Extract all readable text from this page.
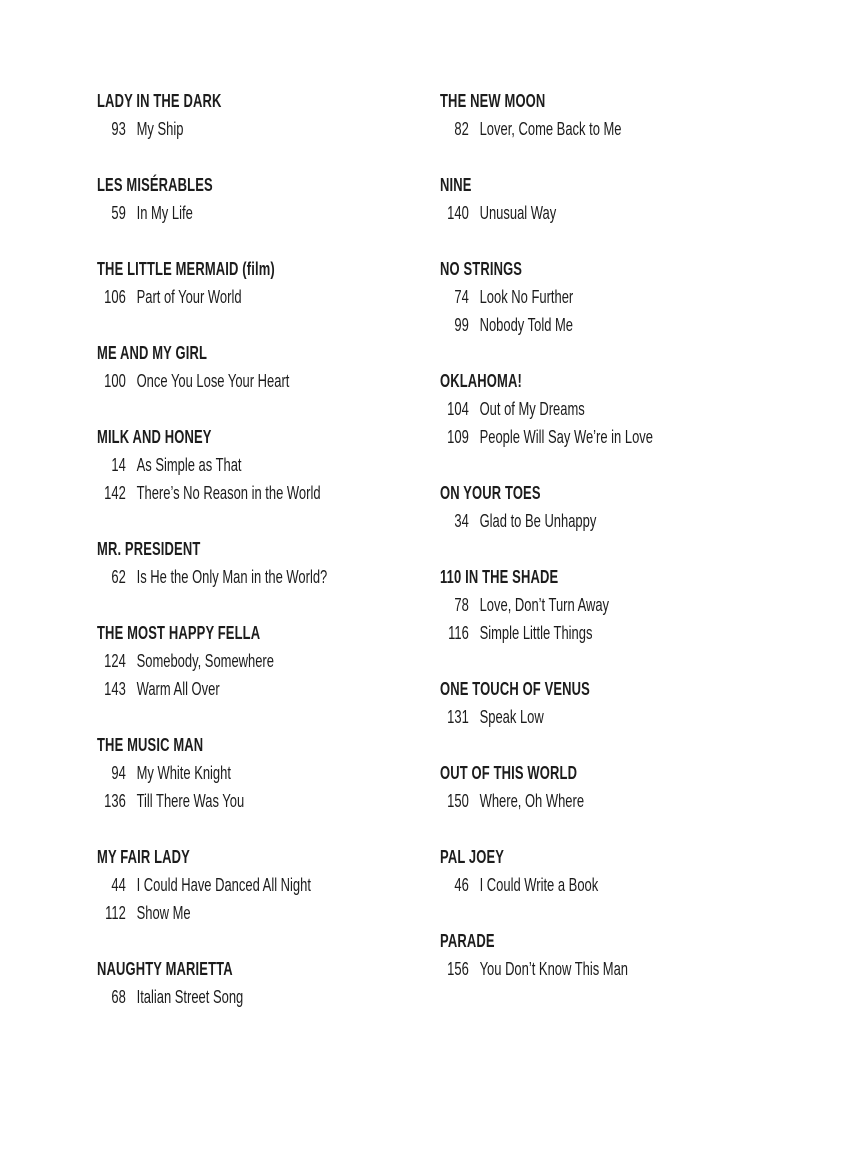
LADY IN THE DARK
93 My Ship
LES MISÉRABLES
59 In My Life
THE LITTLE MERMAID (film)
106 Part of Your World
ME AND MY GIRL
100 Once You Lose Your Heart
MILK AND HONEY
14 As Simple as That
142 There’s No Reason in the World
MR. PRESIDENT
62 Is He the Only Man in the World?
THE MOST HAPPY FELLA
124 Somebody, Somewhere
143 Warm All Over
THE MUSIC MAN
94 My White Knight
136 Till There Was You
MY FAIR LADY
44 I Could Have Danced All Night
112 Show Me
NAUGHTY MARIETTA
68 Italian Street Song
THE NEW MOON
82 Lover, Come Back to Me
NINE
140 Unusual Way
NO STRINGS
74 Look No Further
99 Nobody Told Me
OKLAHOMA!
104 Out of My Dreams
109 People Will Say We’re in Love
ON YOUR TOES
34 Glad to Be Unhappy
110 IN THE SHADE
78 Love, Don’t Turn Away
116 Simple Little Things
ONE TOUCH OF VENUS
131 Speak Low
OUT OF THIS WORLD
150 Where, Oh Where
PAL JOEY
46 I Could Write a Book
PARADE
156 You Don’t Know This Man
